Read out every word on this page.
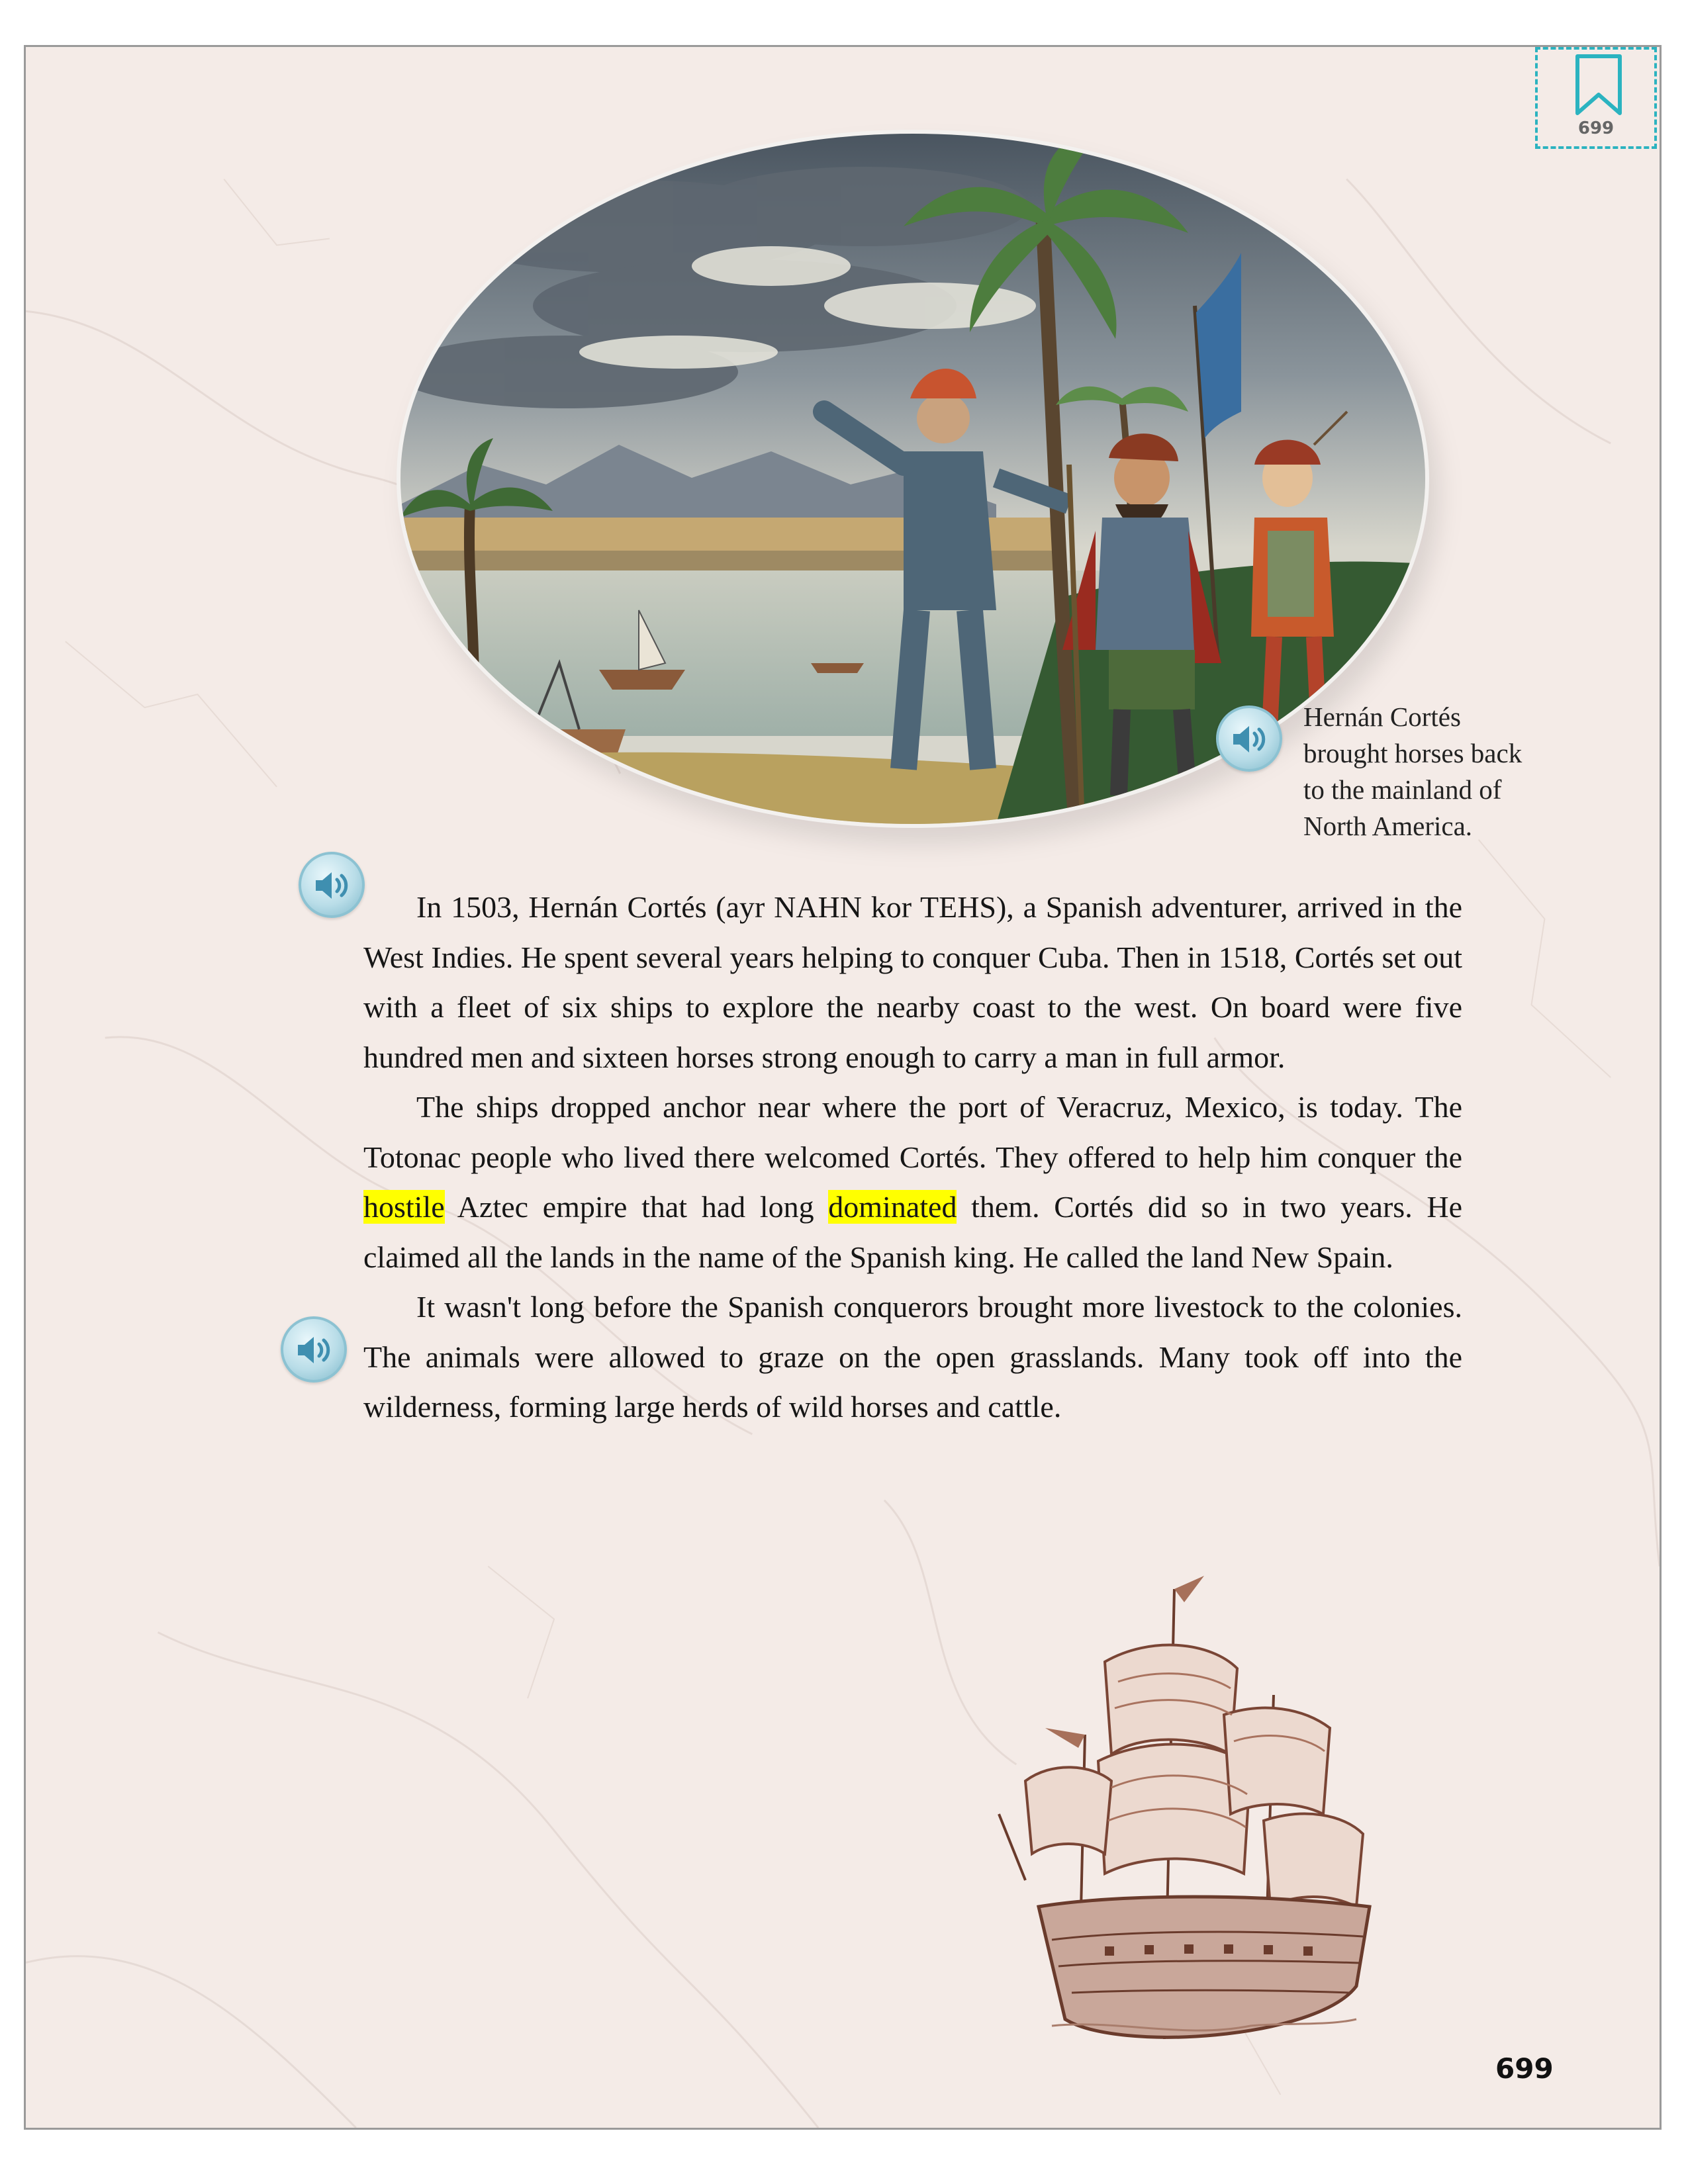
699
Hernán Cortés
brought horses back
to the mainland of
North America.

In 1503, Hernán Cortés (ayr NAHN kor TEHS), a Spanish adventurer, arrived in the West Indies. He spent several years helping to conquer Cuba. Then in 1518, Cortés set out with a fleet of six ships to explore the nearby coast to the west. On board were five hundred men and sixteen horses strong enough to carry a man in full armor.

The ships dropped anchor near where the port of Veracruz, Mexico, is today. The Totonac people who lived there welcomed Cortés. They offered to help him conquer the hostile Aztec empire that had long dominated them. Cortés did so in two years. He claimed all the lands in the name of the Spanish king. He called the land New Spain.

It wasn't long before the Spanish conquerors brought more livestock to the colonies. The animals were allowed to graze on the open grasslands. Many took off into the wilderness, forming large herds of wild horses and cattle.

699
